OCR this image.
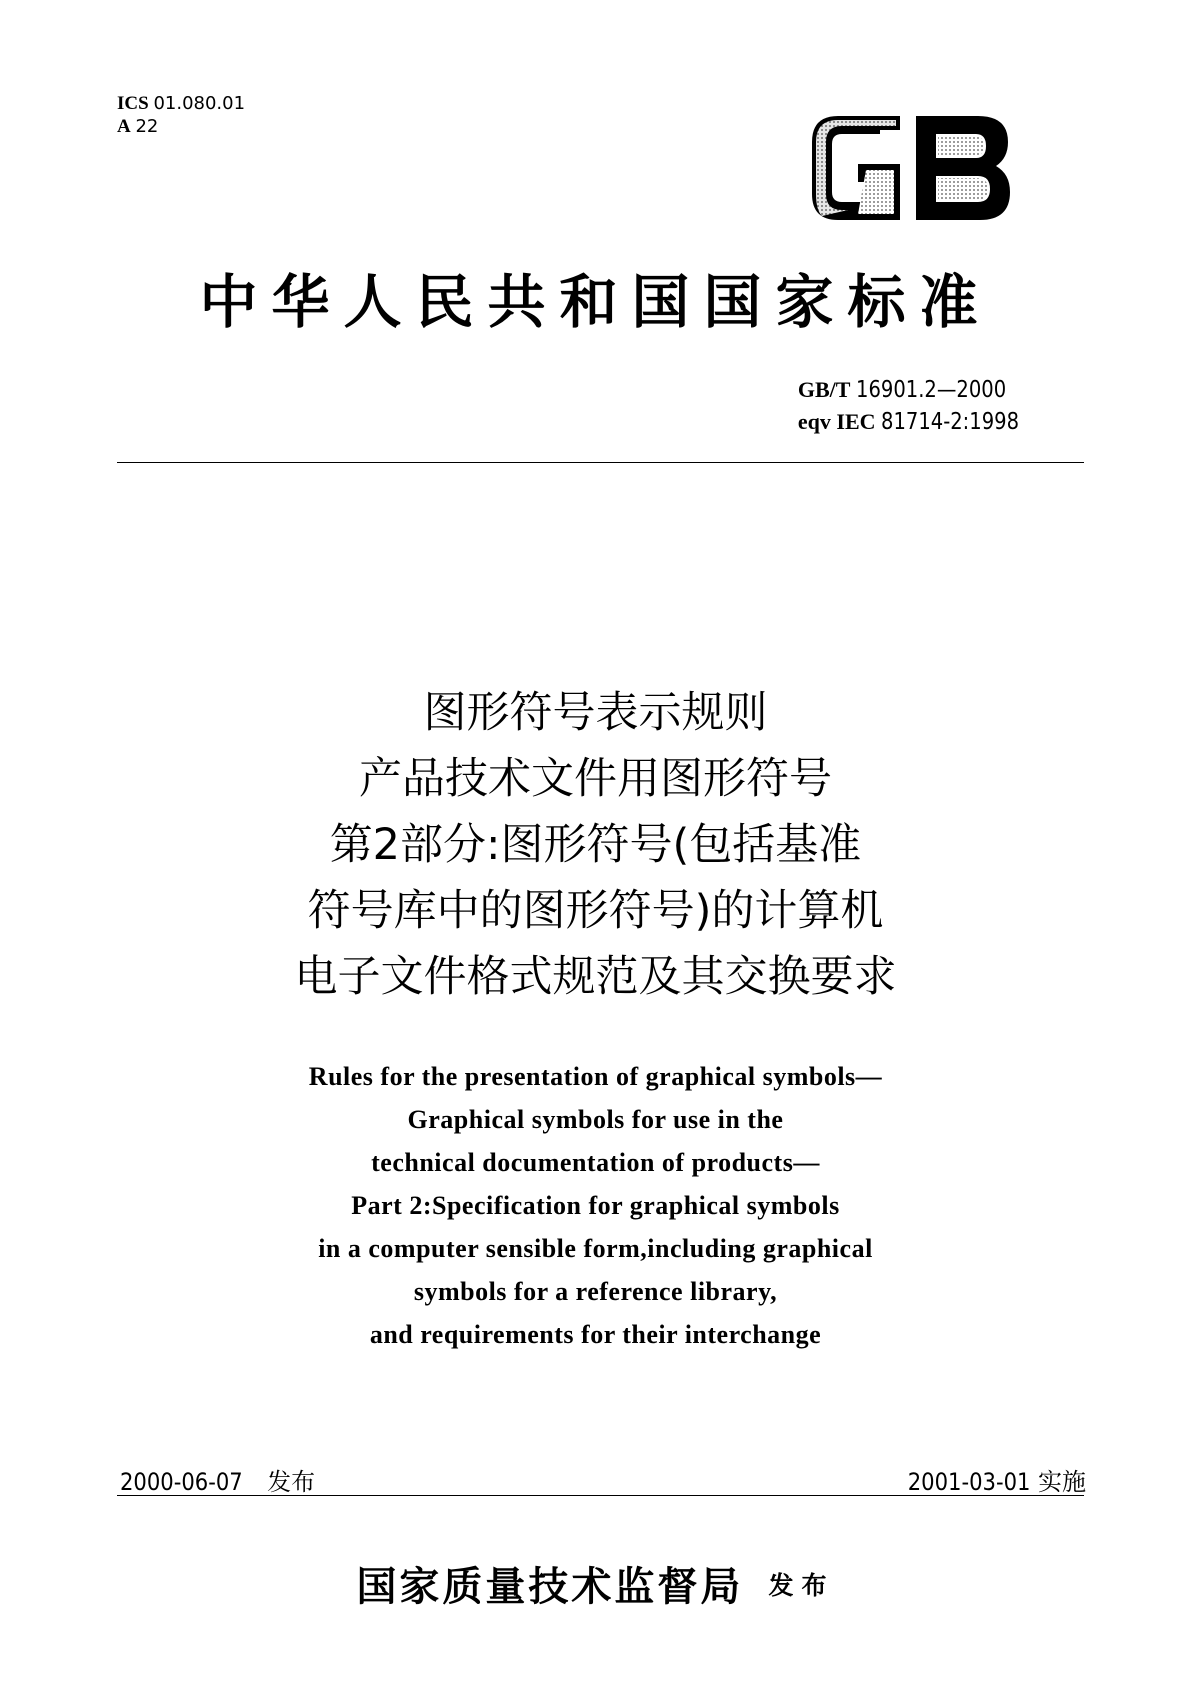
ICS 01.080.01
A 22
中华人民共和国国家标准
GB/T 16901.2—2000
eqv IEC 81714-2:1998
图形符号表示规则
产品技术文件用图形符号
第2部分:图形符号(包括基准
符号库中的图形符号)的计算机
电子文件格式规范及其交换要求
Rules for the presentation of graphical symbols—
Graphical symbols for use in the
technical documentation of products—
Part 2:Specification for graphical symbols
in a computer sensible form,including graphical
symbols for a reference library,
and requirements for their interchange
2000-06-07 发布	2001-03-01 实施
国家质量技术监督局 发布
